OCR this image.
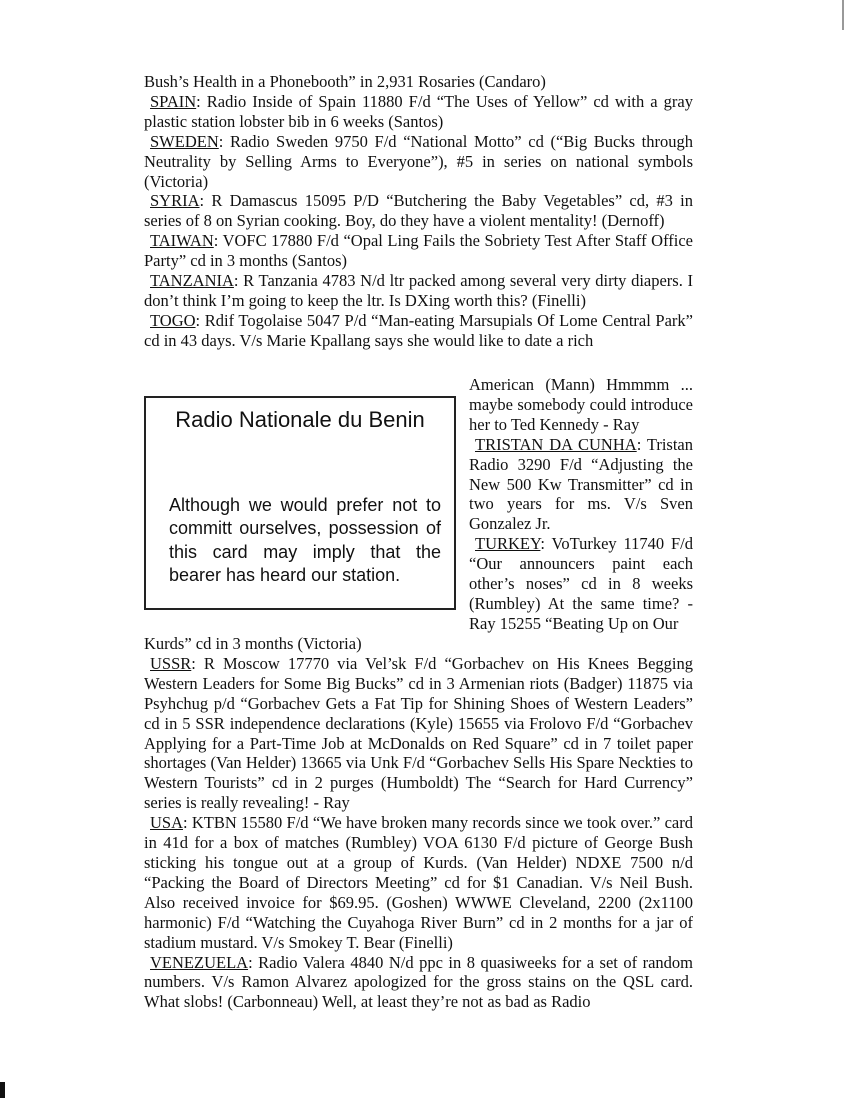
Bush’s Health in a Phonebooth” in 2,931 Rosaries (Candaro)

SPAIN: Radio Inside of Spain 11880 F/d “The Uses of Yellow” cd with a gray plastic station lobster bib in 6 weeks (Santos)

SWEDEN: Radio Sweden 9750 F/d “National Motto” cd (“Big Bucks through Neutrality by Selling Arms to Everyone”), #5 in series on national symbols (Victoria)

SYRIA: R Damascus 15095 P/D “Butchering the Baby Vegetables” cd, #3 in series of 8 on Syrian cooking. Boy, do they have a violent mentality! (Dernoff)

TAIWAN: VOFC 17880 F/d “Opal Ling Fails the Sobriety Test After Staff Office Party” cd in 3 months (Santos)

TANZANIA: R Tanzania 4783 N/d ltr packed among several very dirty diapers. I don’t think I’m going to keep the ltr. Is DXing worth this? (Finelli)

TOGO: Rdif Togolaise 5047 P/d “Man-eating Marsupials Of Lome Central Park” cd in 43 days. V/s Marie Kpallang says she would like to date a rich

American (Mann) Hmmmm ... maybe somebody could introduce her to Ted Kennedy - Ray

TRISTAN DA CUNHA: Tristan Radio 3290 F/d “Adjusting the New 500 Kw Transmitter” cd in two years for ms. V/s Sven Gonzalez Jr.

TURKEY: VoTurkey 11740 F/d “Our announcers paint each other’s noses” cd in 8 weeks (Rumbley) At the same time? - Ray 15255 “Beating Up on Our

Radio Nationale du Benin
Although we would prefer not to committ ourselves, possession of this card may imply that the bearer has heard our station.

Kurds” cd in 3 months (Victoria)

USSR: R Moscow 17770 via Vel’sk F/d “Gorbachev on His Knees Begging Western Leaders for Some Big Bucks” cd in 3 Armenian riots (Badger) 11875 via Psyhchug p/d “Gorbachev Gets a Fat Tip for Shining Shoes of Western Leaders” cd in 5 SSR independence declarations (Kyle) 15655 via Frolovo F/d “Gorbachev Applying for a Part-Time Job at McDonalds on Red Square” cd in 7 toilet paper shortages (Van Helder) 13665 via Unk F/d “Gorbachev Sells His Spare Neckties to Western Tourists” cd in 2 purges (Humboldt) The “Search for Hard Currency” series is really revealing! - Ray

USA: KTBN 15580 F/d “We have broken many records since we took over.” card in 41d for a box of matches (Rumbley) VOA 6130 F/d picture of George Bush sticking his tongue out at a group of Kurds. (Van Helder) NDXE 7500 n/d “Packing the Board of Directors Meeting” cd for $1 Canadian. V/s Neil Bush. Also received invoice for $69.95. (Goshen) WWWE Cleveland, 2200 (2x1100 harmonic) F/d “Watching the Cuyahoga River Burn” cd in 2 months for a jar of stadium mustard. V/s Smokey T. Bear (Finelli)

VENEZUELA: Radio Valera 4840 N/d ppc in 8 quasiweeks for a set of random numbers. V/s Ramon Alvarez apologized for the gross stains on the QSL card. What slobs! (Carbonneau) Well, at least they’re not as bad as Radio
